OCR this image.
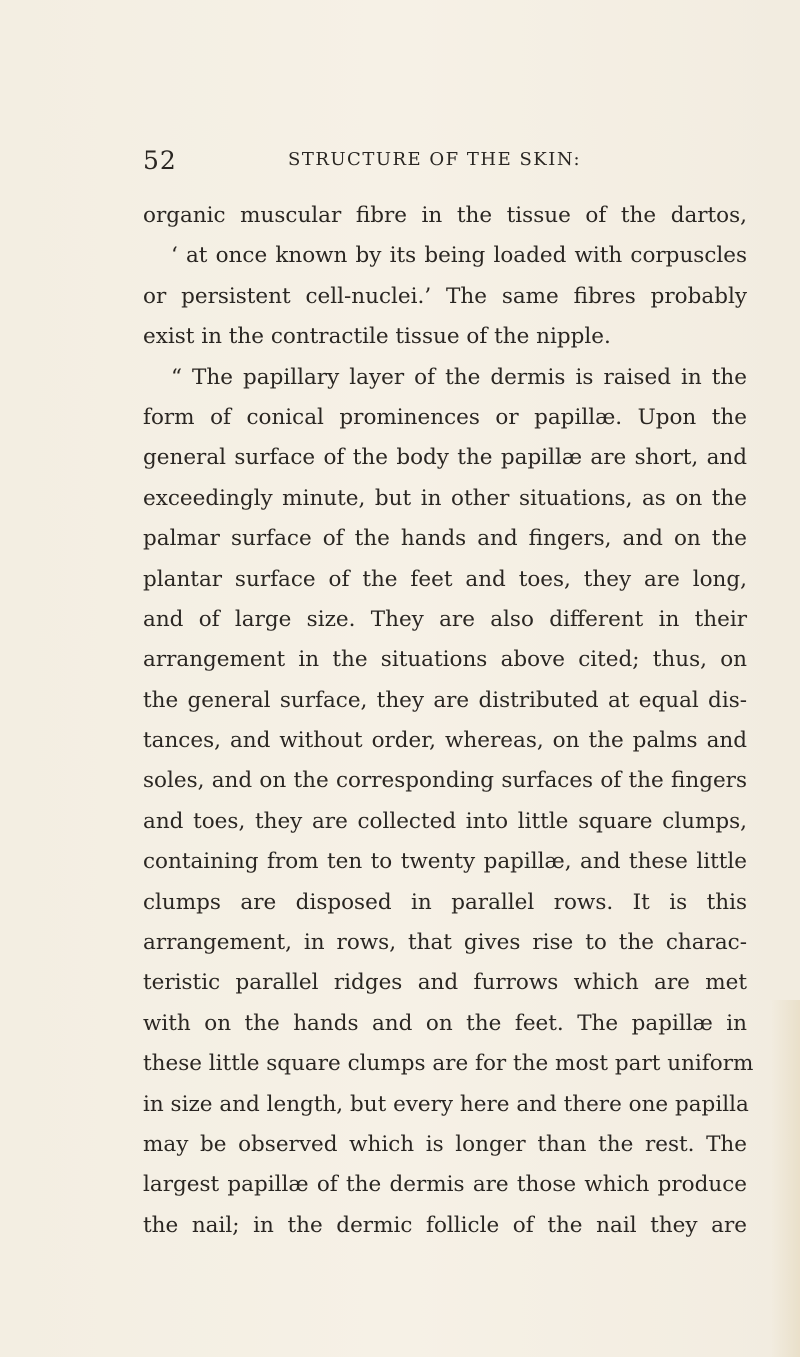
52	STRUCTURE OF THE SKIN:
organic muscular fibre in the tissue of the dartos,
‘ at once known by its being loaded with corpuscles
or persistent cell-nuclei.’ The same fibres probably
exist in the contractile tissue of the nipple.
“ The papillary layer of the dermis is raised in the
form of conical prominences or papillæ. Upon the
general surface of the body the papillæ are short, and
exceedingly minute, but in other situations, as on the
palmar surface of the hands and fingers, and on the
plantar surface of the feet and toes, they are long,
and of large size. They are also different in their
arrangement in the situations above cited; thus, on
the general surface, they are distributed at equal dis-
tances, and without order, whereas, on the palms and
soles, and on the corresponding surfaces of the fingers
and toes, they are collected into little square clumps,
containing from ten to twenty papillæ, and these little
clumps are disposed in parallel rows. It is this
arrangement, in rows, that gives rise to the charac-
teristic parallel ridges and furrows which are met
with on the hands and on the feet. The papillæ in
these little square clumps are for the most part uniform
in size and length, but every here and there one papilla
may be observed which is longer than the rest. The
largest papillæ of the dermis are those which produce
the nail; in the dermic follicle of the nail they are
